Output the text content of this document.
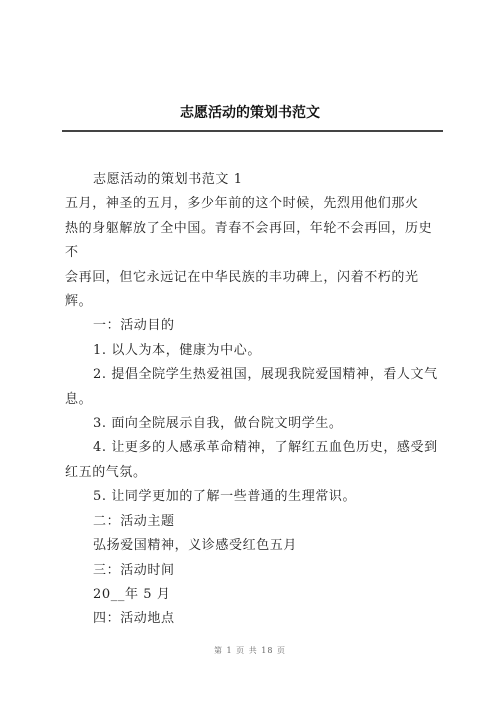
志愿活动的策划书范文

志愿活动的策划书范文 1

五月，神圣的五月，多少年前的这个时候，先烈用他们那火

热的身躯解放了全中国。青春不会再回，年轮不会再回，历史不

会再回，但它永远记在中华民族的丰功碑上，闪着不朽的光辉。

一：活动目的

1. 以人为本，健康为中心。

2. 提倡全院学生热爱祖国，展现我院爱国精神，看人文气

息。

3. 面向全院展示自我，做台院文明学生。

4. 让更多的人感承革命精神，了解红五血色历史，感受到

红五的气氛。

5. 让同学更加的了解一些普通的生理常识。

二：活动主题

弘扬爱国精神，义诊感受红色五月

三：活动时间

20__年 5 月

四：活动地点

第 1 页 共 18 页
